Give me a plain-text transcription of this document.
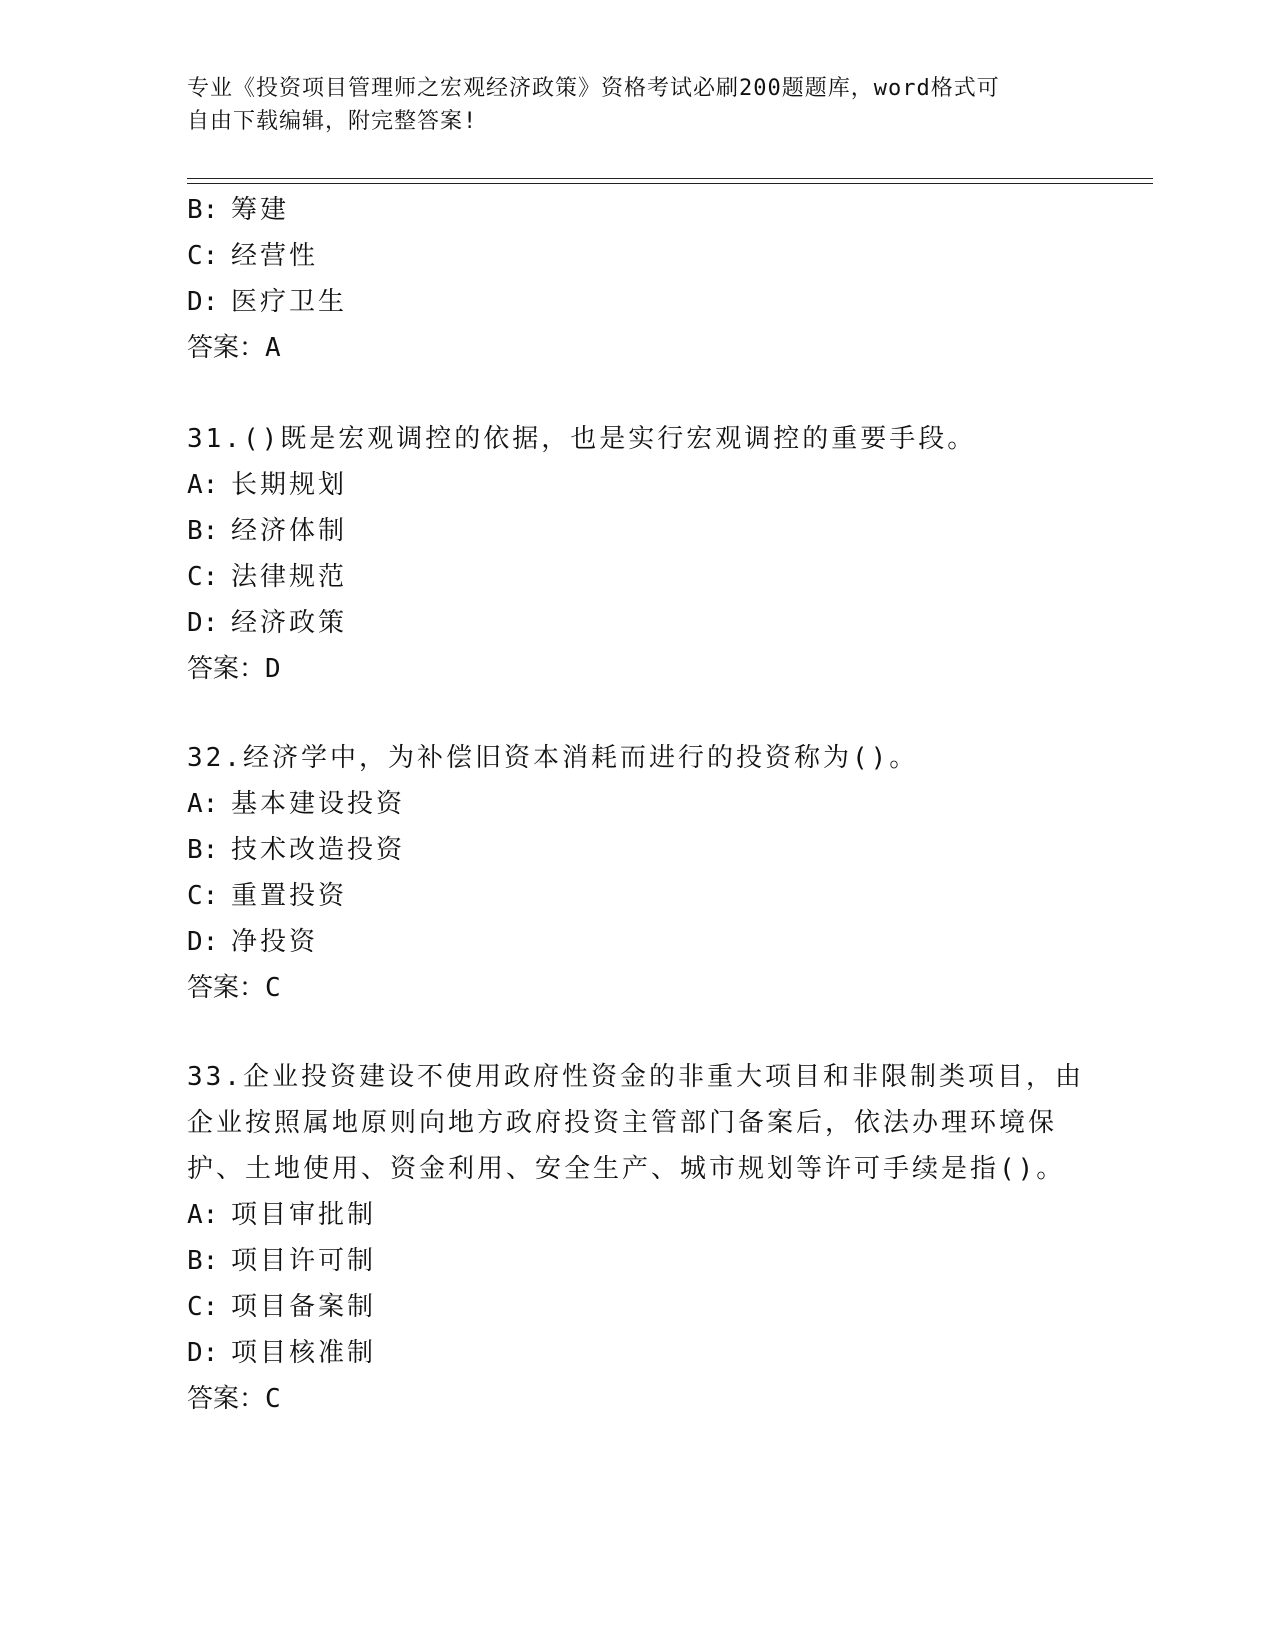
专业《投资项目管理师之宏观经济政策》资格考试必刷200题题库，word格式可
自由下载编辑，附完整答案!
B: 筹建
C: 经营性
D: 医疗卫生
答案：A
31.()既是宏观调控的依据，也是实行宏观调控的重要手段。
A: 长期规划
B: 经济体制
C: 法律规范
D: 经济政策
答案：D
32.经济学中，为补偿旧资本消耗而进行的投资称为()。
A: 基本建设投资
B: 技术改造投资
C: 重置投资
D: 净投资
答案：C
33.企业投资建设不使用政府性资金的非重大项目和非限制类项目，由
企业按照属地原则向地方政府投资主管部门备案后，依法办理环境保
护、土地使用、资金利用、安全生产、城市规划等许可手续是指()。
A: 项目审批制
B: 项目许可制
C: 项目备案制
D: 项目核准制
答案：C
